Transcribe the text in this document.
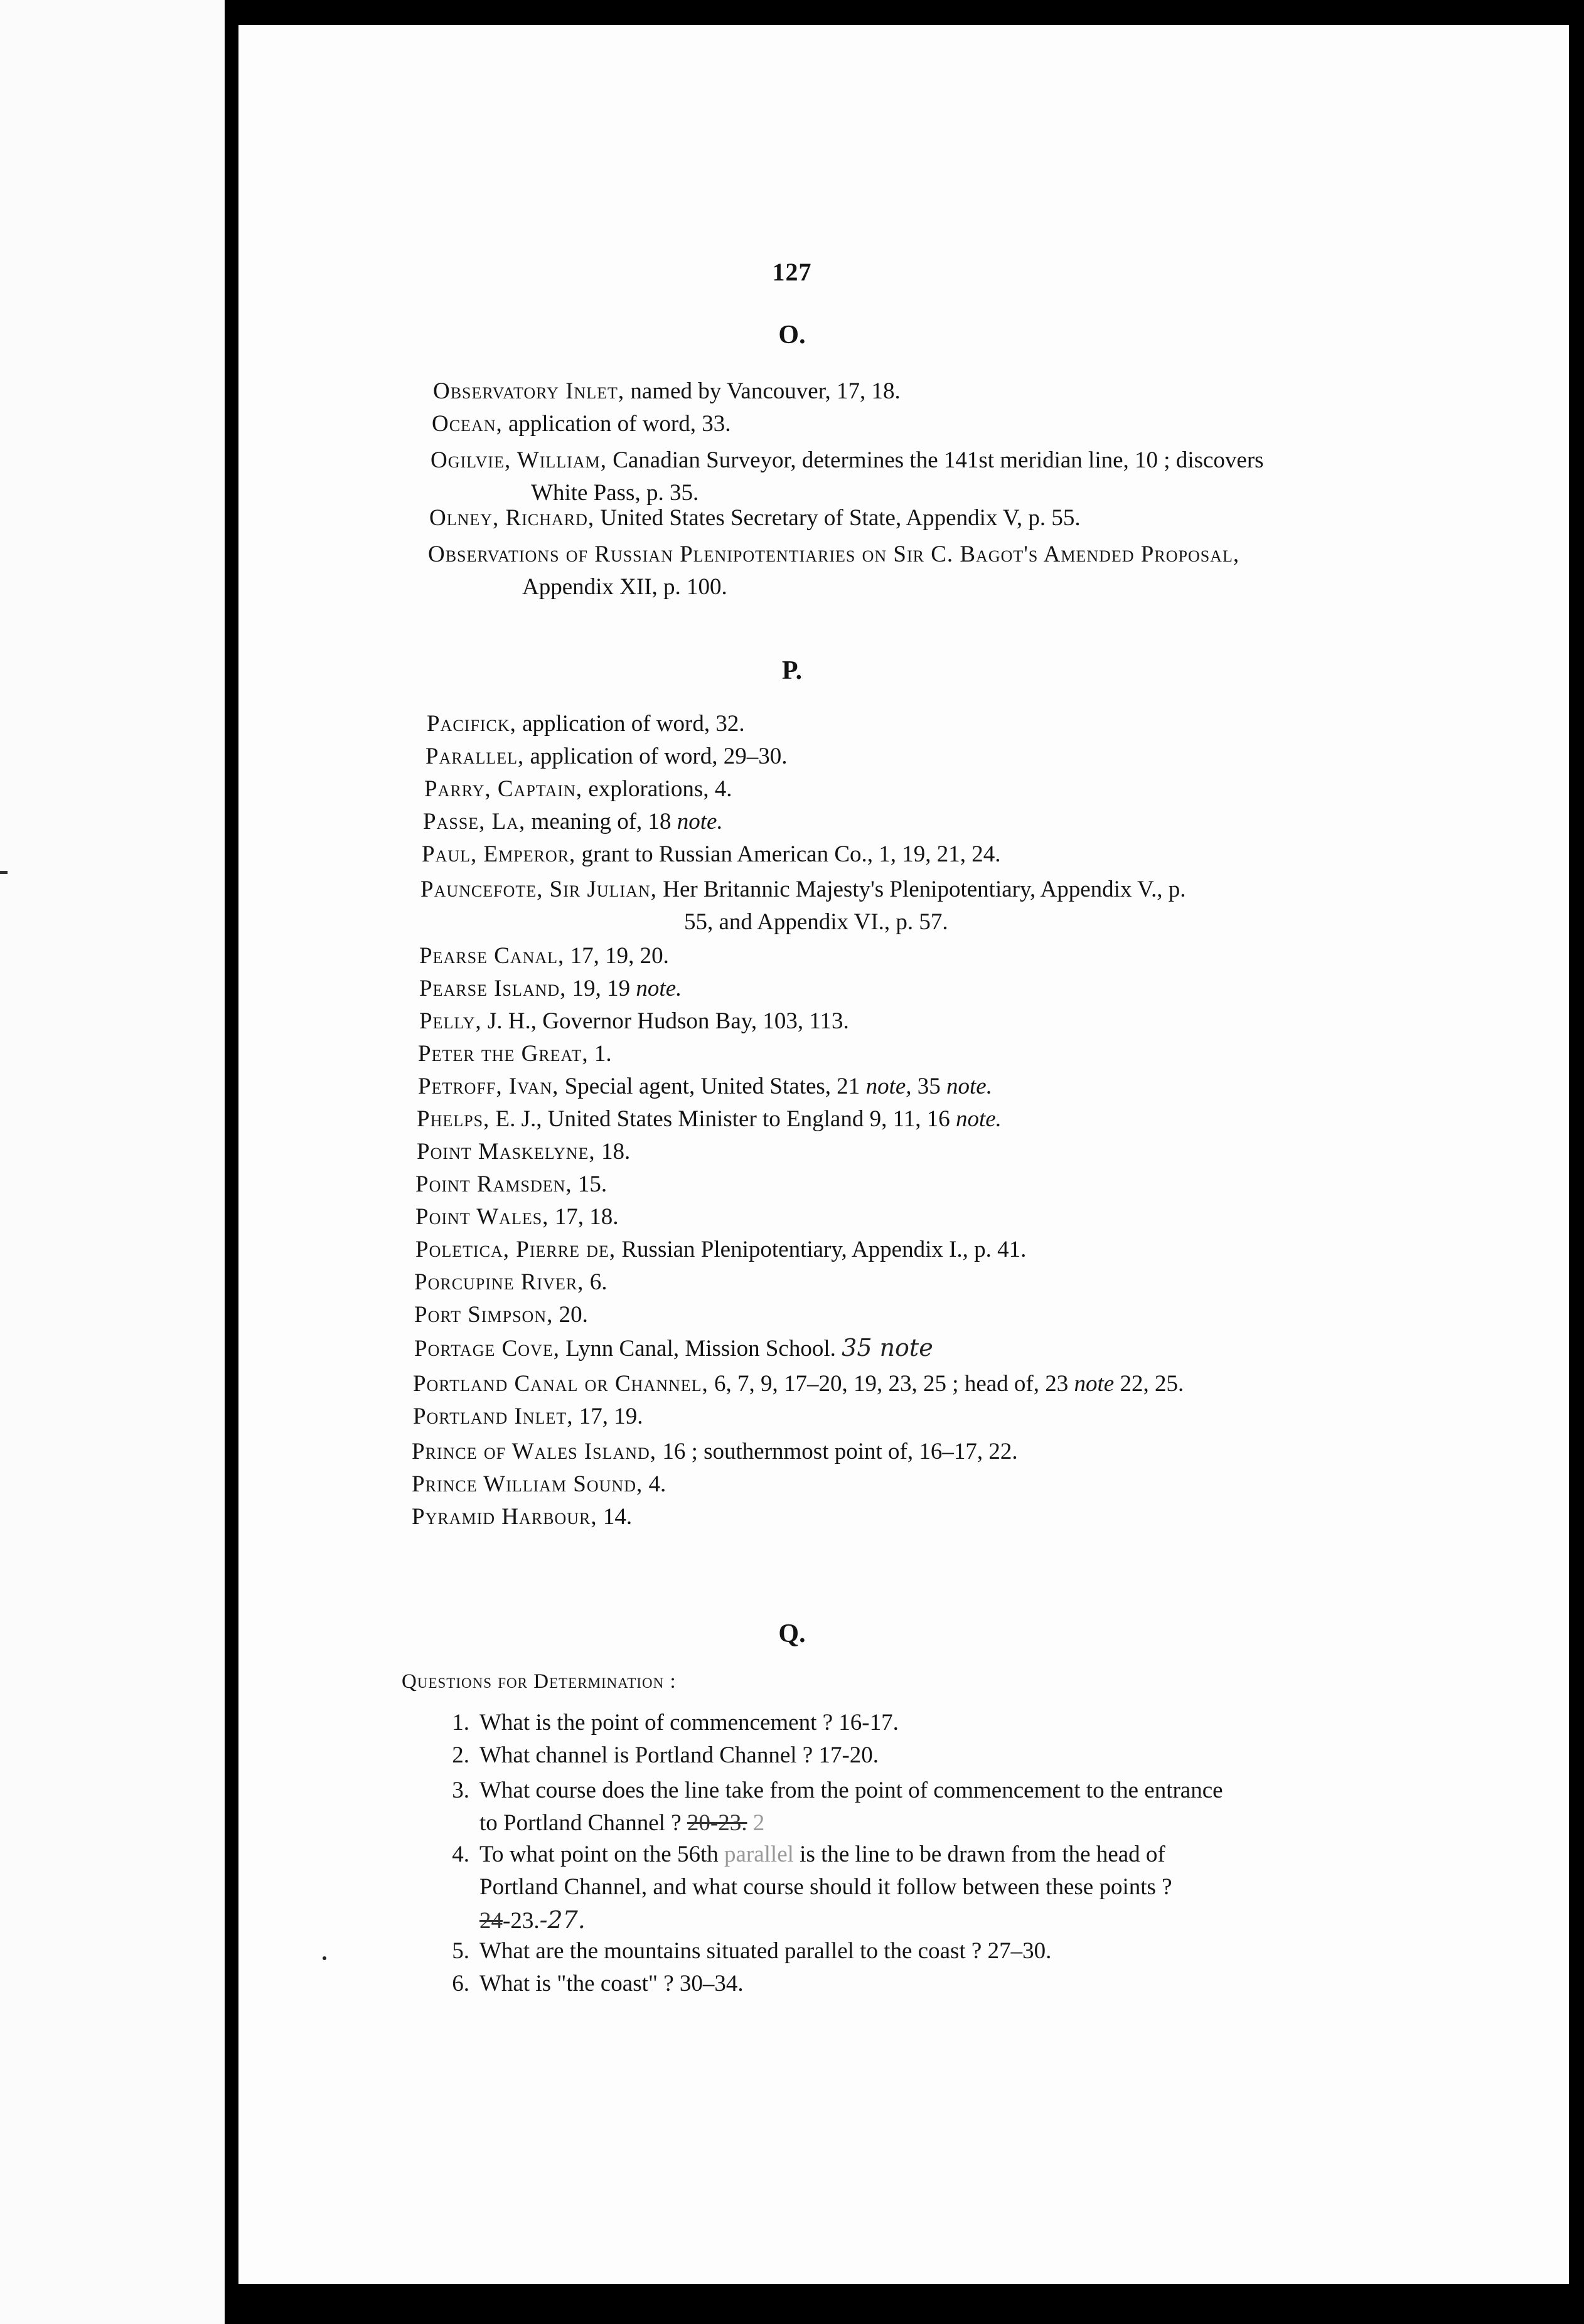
127
O.
P.
Q.
Observatory Inlet, named by Vancouver, 17, 18.
Ocean, application of word, 33.
Ogilvie, William, Canadian Surveyor, determines the 141st meridian line, 10 ; discovers
White Pass, p. 35.
Olney, Richard, United States Secretary of State, Appendix V, p. 55.
Observations of Russian Plenipotentiaries on Sir C. Bagot's Amended Proposal,
Appendix XII, p. 100.
Pacifick, application of word, 32.
Parallel, application of word, 29–30.
Parry, Captain, explorations, 4.
Passe, La, meaning of, 18 note.
Paul, Emperor, grant to Russian American Co., 1, 19, 21, 24.
Pauncefote, Sir Julian, Her Britannic Majesty's Plenipotentiary, Appendix V., p.
55, and Appendix VI., p. 57.
Pearse Canal, 17, 19, 20.
Pearse Island, 19, 19 note.
Pelly, J. H., Governor Hudson Bay, 103, 113.
Peter the Great, 1.
Petroff, Ivan, Special agent, United States, 21 note, 35 note.
Phelps, E. J., United States Minister to England 9, 11, 16 note.
Point Maskelyne, 18.
Point Ramsden, 15.
Point Wales, 17, 18.
Poletica, Pierre de, Russian Plenipotentiary, Appendix I., p. 41.
Porcupine River, 6.
Port Simpson, 20.
Portage Cove, Lynn Canal, Mission School. 35 note
Portland Canal or Channel, 6, 7, 9, 17–20, 19, 23, 25 ; head of, 23 note 22, 25.
Portland Inlet, 17, 19.
Prince of Wales Island, 16 ; southernmost point of, 16–17, 22.
Prince William Sound, 4.
Pyramid Harbour, 14.
Questions for Determination :
1. What is the point of commencement ? 16-17.
2. What channel is Portland Channel ? 17-20.
3. What course does the line take from the point of commencement to the entrance
to Portland Channel ? 20-23. 2
4. To what point on the 56th parallel is the line to be drawn from the head of
Portland Channel, and what course should it follow between these points ?
24-23.-27.
5. What are the mountains situated parallel to the coast ? 27–30.
6. What is "the coast" ? 30–34.
